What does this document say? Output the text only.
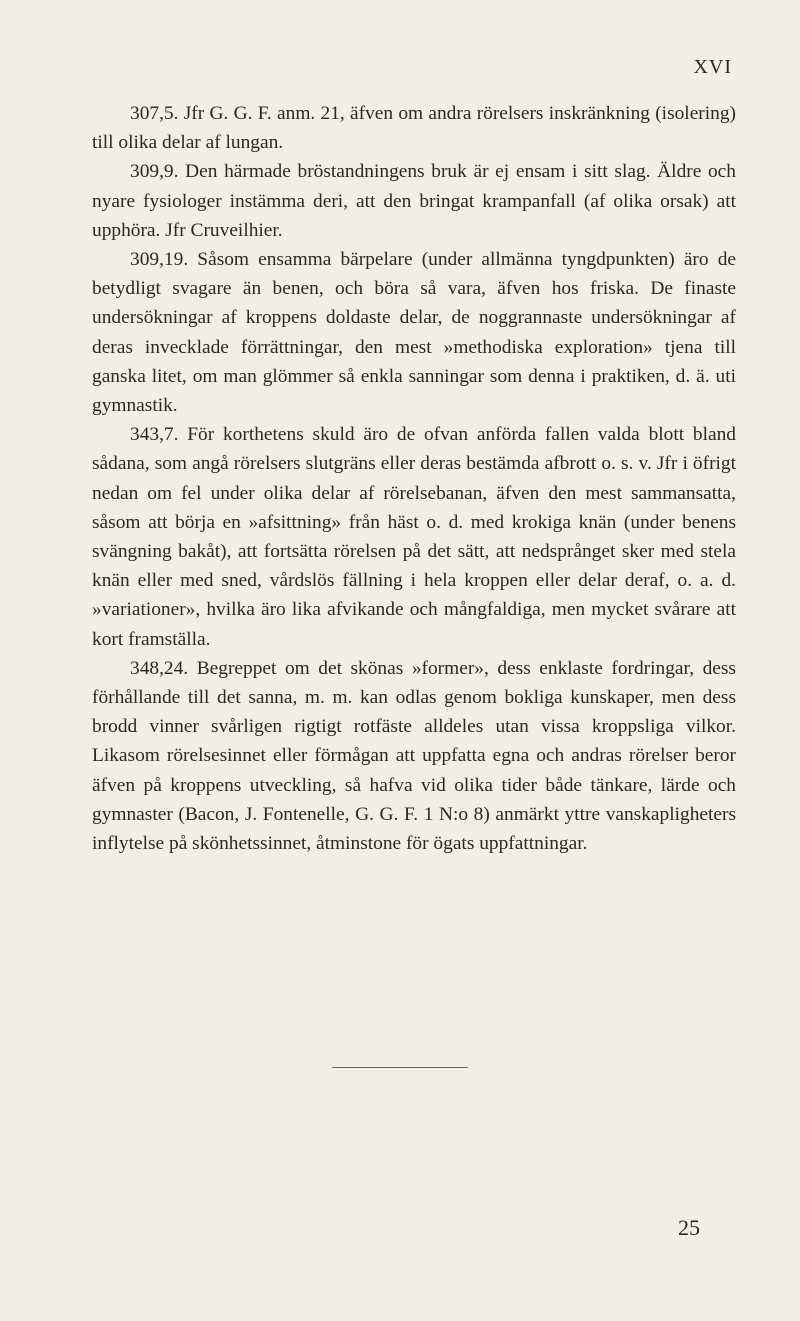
XVI

307,5. Jfr G. G. F. anm. 21, äfven om andra rörelsers inskränkning (isolering) till olika delar af lungan.

309,9. Den härmade bröstandningens bruk är ej ensam i sitt slag. Äldre och nyare fysiologer instämma deri, att den bringat krampanfall (af olika orsak) att upphöra. Jfr Cruveilhier.

309,19. Såsom ensamma bärpelare (under allmänna tyngdpunkten) äro de betydligt svagare än benen, och böra så vara, äfven hos friska. De finaste undersökningar af kroppens doldaste delar, de noggrannaste undersökningar af deras invecklade förrättningar, den mest »methodiska exploration» tjena till ganska litet, om man glömmer så enkla sanningar som denna i praktiken, d. ä. uti gymnastik.

343,7. För korthetens skuld äro de ofvan anförda fallen valda blott bland sådana, som angå rörelsers slutgräns eller deras bestämda afbrott o. s. v. Jfr i öfrigt nedan om fel under olika delar af rörelsebanan, äfven den mest sammansatta, såsom att börja en »afsittning» från häst o. d. med krokiga knän (under benens svängning bakåt), att fortsätta rörelsen på det sätt, att nedsprånget sker med stela knän eller med sned, vårdslös fällning i hela kroppen eller delar deraf, o. a. d. »variationer», hvilka äro lika afvikande och mångfaldiga, men mycket svårare att kort framställa.

348,24. Begreppet om det skönas »former», dess enklaste fordringar, dess förhållande till det sanna, m. m. kan odlas genom bokliga kunskaper, men dess brodd vinner svårligen rigtigt rotfäste alldeles utan vissa kroppsliga vilkor. Likasom rörelsesinnet eller förmågan att uppfatta egna och andras rörelser beror äfven på kroppens utveckling, så hafva vid olika tider både tänkare, lärde och gymnaster (Bacon, J. Fontenelle, G. G. F. 1 N:o 8) anmärkt yttre vanskapligheters inflytelse på skönhetssinnet, åtminstone för ögats uppfattningar.

25
